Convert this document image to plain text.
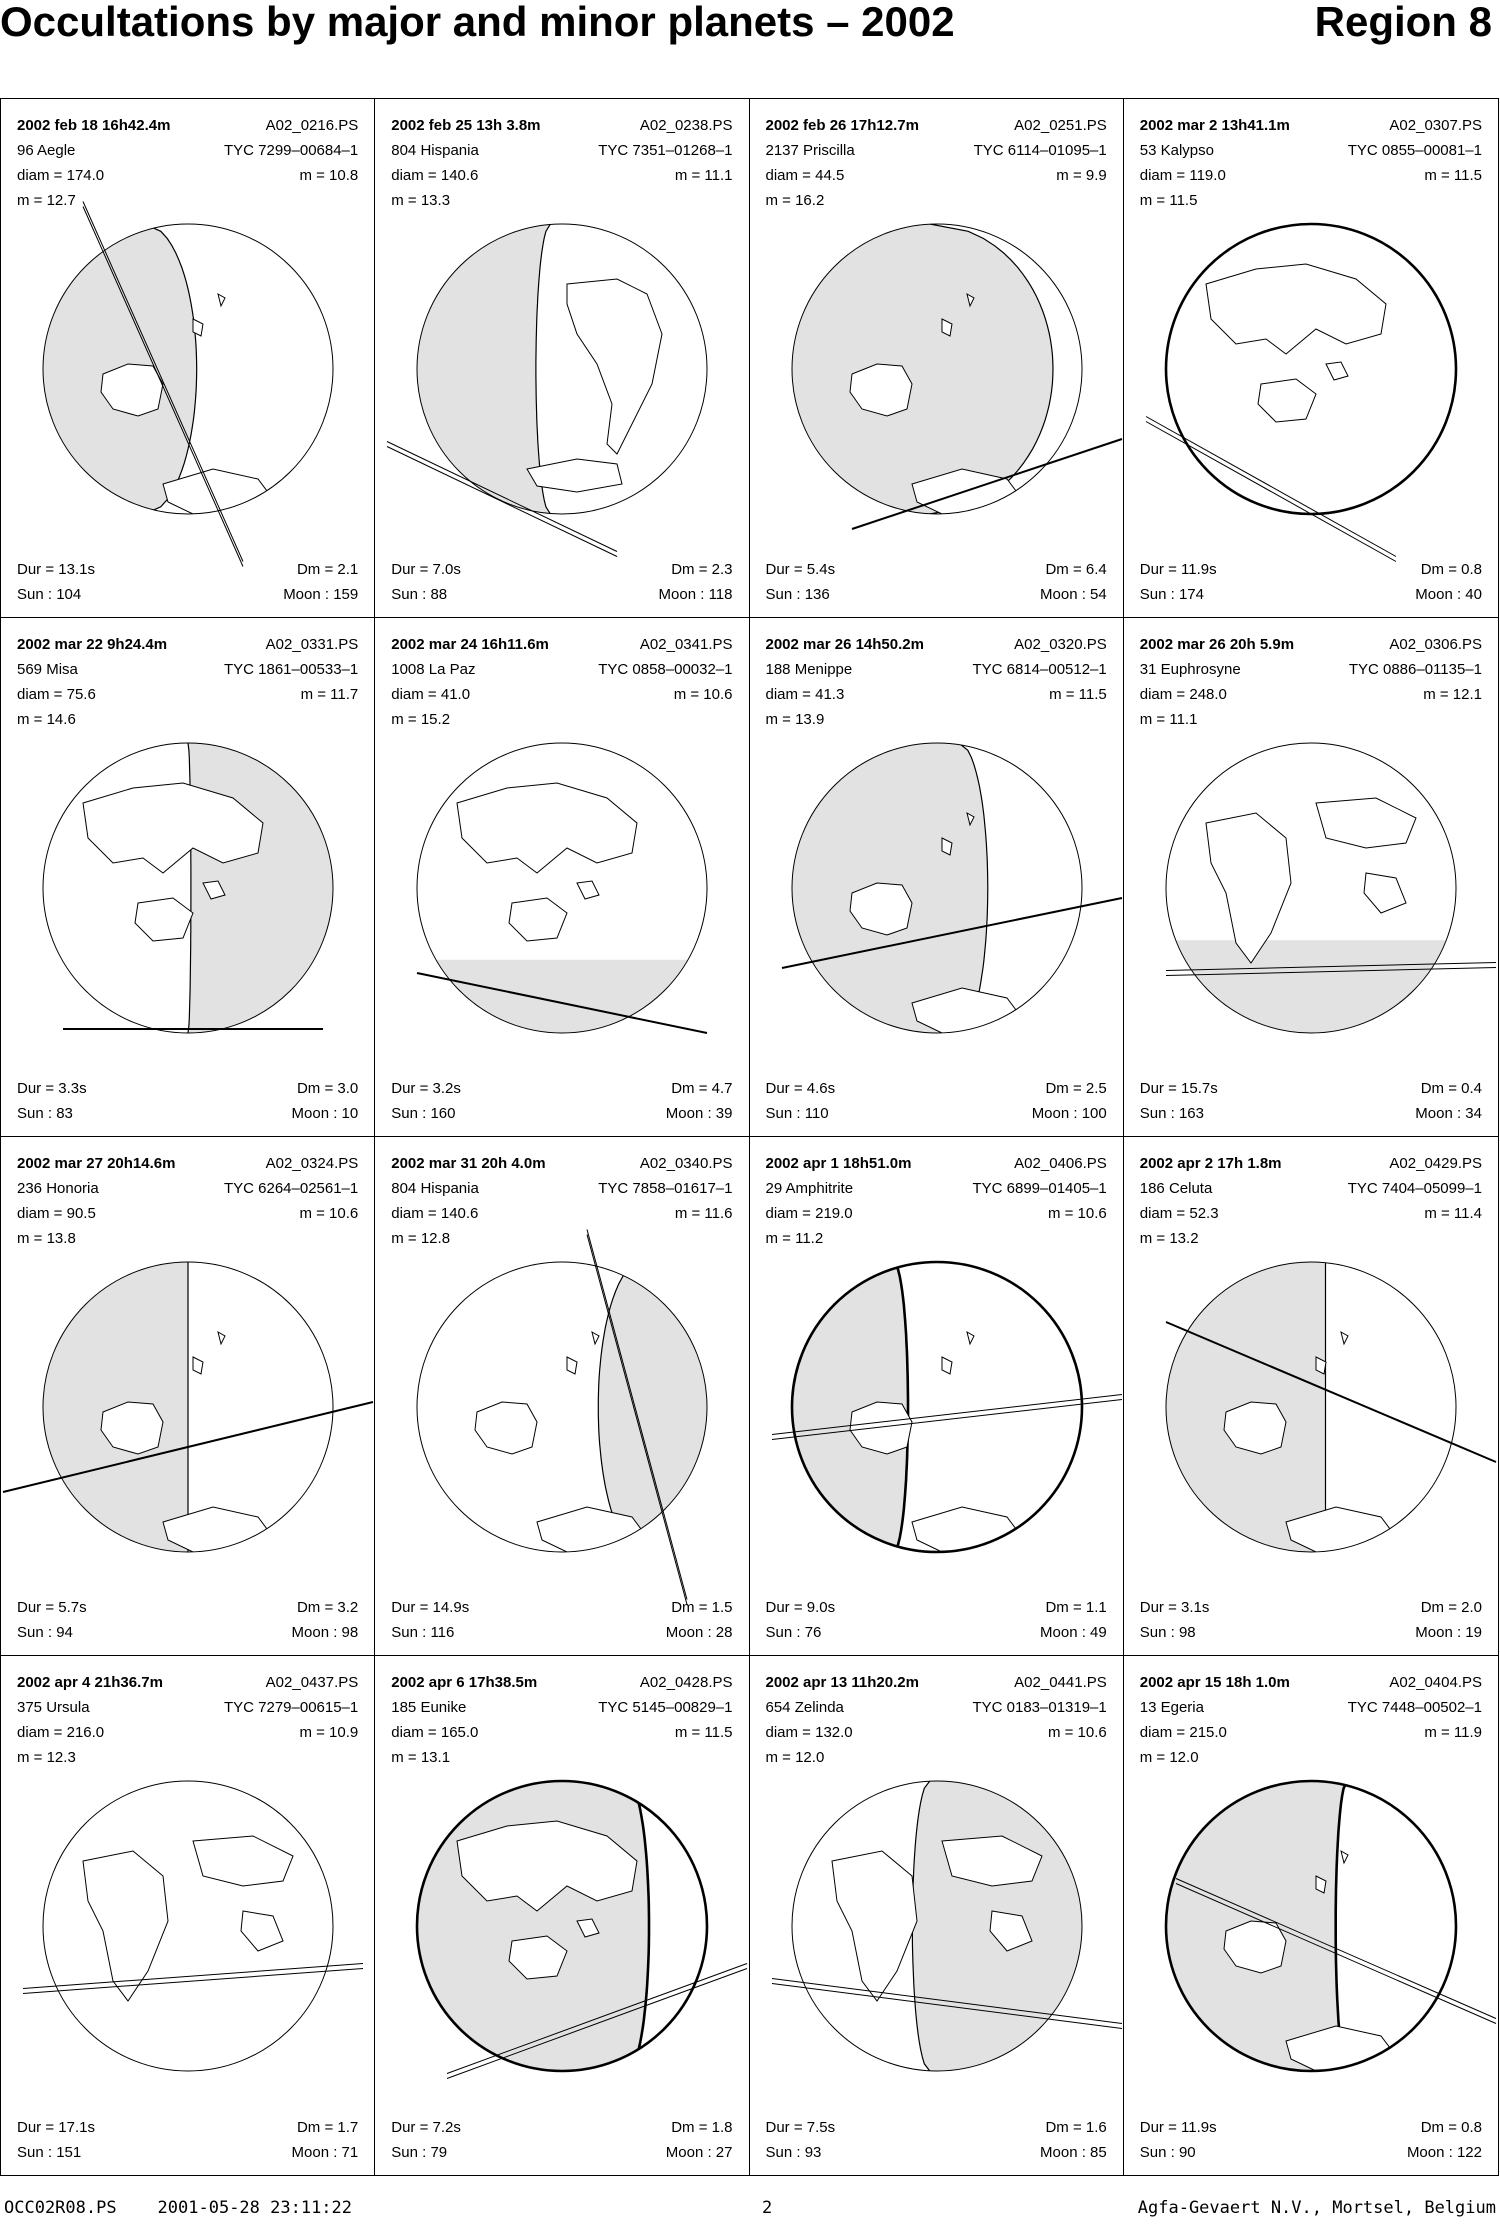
Occultations by major and minor planets – 2002	Region 8
2002 feb 18 16h42.4m	A02_0216.PS
96 Aegle	TYC 7299–00684–1
diam = 174.0	m = 10.8
m = 12.7
Dur = 13.1s	Dm = 2.1
Sun : 104	Moon : 159
2002 feb 25 13h 3.8m	A02_0238.PS
804 Hispania	TYC 7351–01268–1
diam = 140.6	m = 11.1
m = 13.3
Dur = 7.0s	Dm = 2.3
Sun : 88	Moon : 118
2002 feb 26 17h12.7m	A02_0251.PS
2137 Priscilla	TYC 6114–01095–1
diam = 44.5	m = 9.9
m = 16.2
Dur = 5.4s	Dm = 6.4
Sun : 136	Moon : 54
2002 mar 2 13h41.1m	A02_0307.PS
53 Kalypso	TYC 0855–00081–1
diam = 119.0	m = 11.5
m = 11.5
Dur = 11.9s	Dm = 0.8
Sun : 174	Moon : 40
2002 mar 22 9h24.4m	A02_0331.PS
569 Misa	TYC 1861–00533–1
diam = 75.6	m = 11.7
m = 14.6
Dur = 3.3s	Dm = 3.0
Sun : 83	Moon : 10
2002 mar 24 16h11.6m	A02_0341.PS
1008 La Paz	TYC 0858–00032–1
diam = 41.0	m = 10.6
m = 15.2
Dur = 3.2s	Dm = 4.7
Sun : 160	Moon : 39
2002 mar 26 14h50.2m	A02_0320.PS
188 Menippe	TYC 6814–00512–1
diam = 41.3	m = 11.5
m = 13.9
Dur = 4.6s	Dm = 2.5
Sun : 110	Moon : 100
2002 mar 26 20h 5.9m	A02_0306.PS
31 Euphrosyne	TYC 0886–01135–1
diam = 248.0	m = 12.1
m = 11.1
Dur = 15.7s	Dm = 0.4
Sun : 163	Moon : 34
2002 mar 27 20h14.6m	A02_0324.PS
236 Honoria	TYC 6264–02561–1
diam = 90.5	m = 10.6
m = 13.8
Dur = 5.7s	Dm = 3.2
Sun : 94	Moon : 98
2002 mar 31 20h 4.0m	A02_0340.PS
804 Hispania	TYC 7858–01617–1
diam = 140.6	m = 11.6
m = 12.8
Dur = 14.9s	Dm = 1.5
Sun : 116	Moon : 28
2002 apr 1 18h51.0m	A02_0406.PS
29 Amphitrite	TYC 6899–01405–1
diam = 219.0	m = 10.6
m = 11.2
Dur = 9.0s	Dm = 1.1
Sun : 76	Moon : 49
2002 apr 2 17h 1.8m	A02_0429.PS
186 Celuta	TYC 7404–05099–1
diam = 52.3	m = 11.4
m = 13.2
Dur = 3.1s	Dm = 2.0
Sun : 98	Moon : 19
2002 apr 4 21h36.7m	A02_0437.PS
375 Ursula	TYC 7279–00615–1
diam = 216.0	m = 10.9
m = 12.3
Dur = 17.1s	Dm = 1.7
Sun : 151	Moon : 71
2002 apr 6 17h38.5m	A02_0428.PS
185 Eunike	TYC 5145–00829–1
diam = 165.0	m = 11.5
m = 13.1
Dur = 7.2s	Dm = 1.8
Sun : 79	Moon : 27
2002 apr 13 11h20.2m	A02_0441.PS
654 Zelinda	TYC 0183–01319–1
diam = 132.0	m = 10.6
m = 12.0
Dur = 7.5s	Dm = 1.6
Sun : 93	Moon : 85
2002 apr 15 18h 1.0m	A02_0404.PS
13 Egeria	TYC 7448–00502–1
diam = 215.0	m = 11.9
m = 12.0
Dur = 11.9s	Dm = 0.8
Sun : 90	Moon : 122
OCC02R08.PS 2001-05-28 23:11:22	2	Agfa-Gevaert N.V., Mortsel, Belgium
